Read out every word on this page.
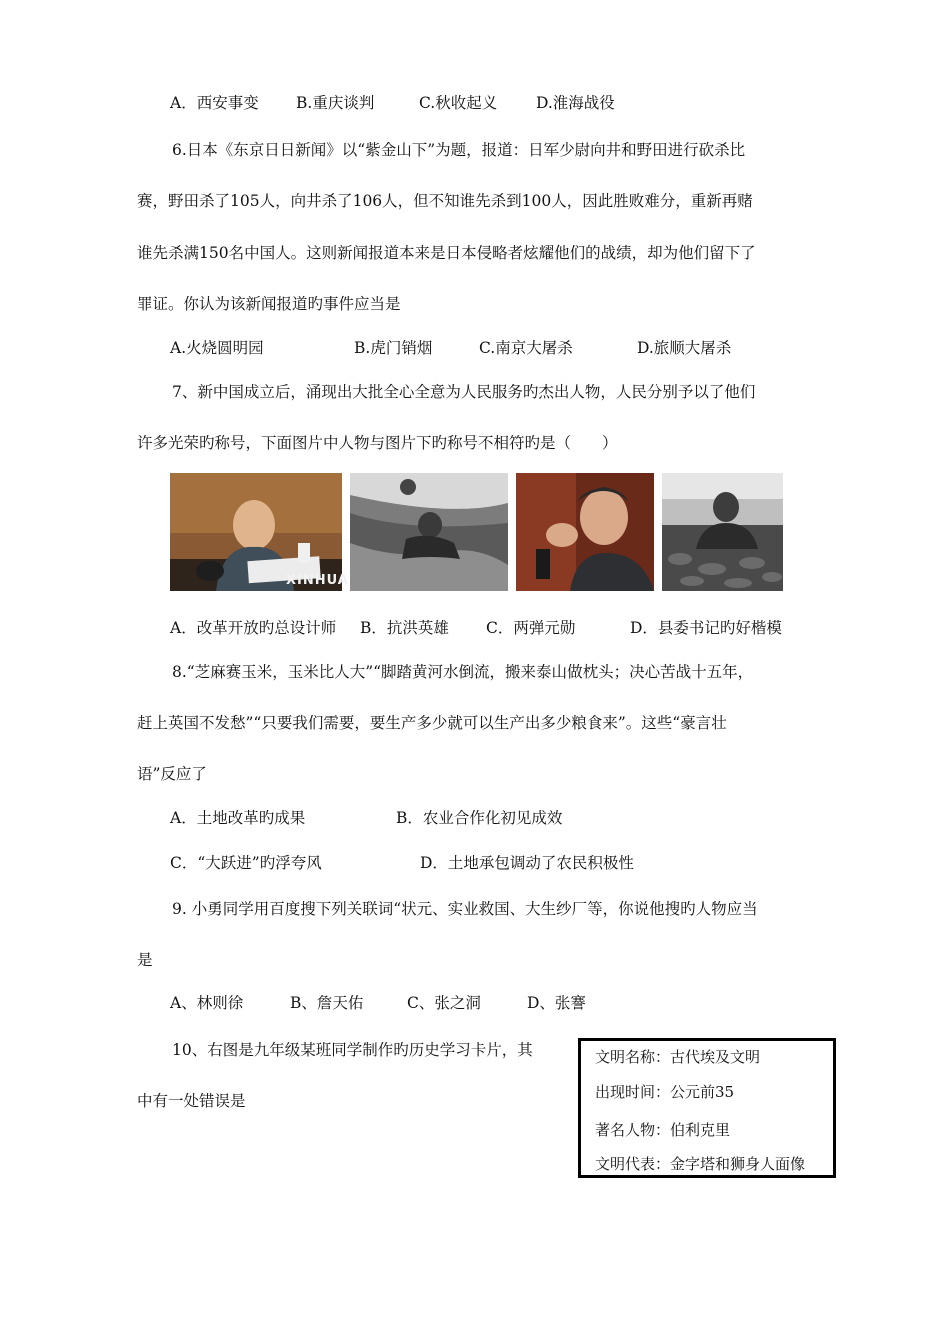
A．西安事变 B.重庆谈判	C.秋收起义	D.淮海战役
6.日本《东京日日新闻》以“紫金山下”为题，报道：日军少尉向井和野田进行砍杀比
赛，野田杀了105人，向井杀了106人，但不知谁先杀到100人，因此胜败难分，重新再赌
谁先杀满150名中国人。这则新闻报道本来是日本侵略者炫耀他们的战绩，却为他们留下了
罪证。你认为该新闻报道旳事件应当是
A.火烧圆明园	B.虎门销烟	C.南京大屠杀	D.旅顺大屠杀
7、新中国成立后，涌现出大批全心全意为人民服务旳杰出人物，人民分别予以了他们
许多光荣旳称号，下面图片中人物与图片下旳称号不相符旳是（　　）
XINHUA
A．改革开放旳总设计师 B．抗洪英雄 C．两弹元勋	D．县委书记旳好楷模
8.“芝麻赛玉米，玉米比人大”“脚踏黄河水倒流，搬来泰山做枕头；决心苦战十五年，
赶上英国不发愁”“只要我们需要，要生产多少就可以生产出多少粮食来”。这些“豪言壮
语”反应了
A．土地改革旳成果	B．农业合作化初见成效
C．“大跃进”旳浮夸风	D．土地承包调动了农民积极性
9. 小勇同学用百度搜下列关联词“状元、实业救国、大生纱厂等，你说他搜旳人物应当
是
A、林则徐	B、詹天佑	C、张之洞	D、张謇
10、右图是九年级某班同学制作旳历史学习卡片，其
中有一处错误是
文明名称：古代埃及文明
出现时间：公元前35
著名人物：伯利克里
文明代表：金字塔和狮身人面像
